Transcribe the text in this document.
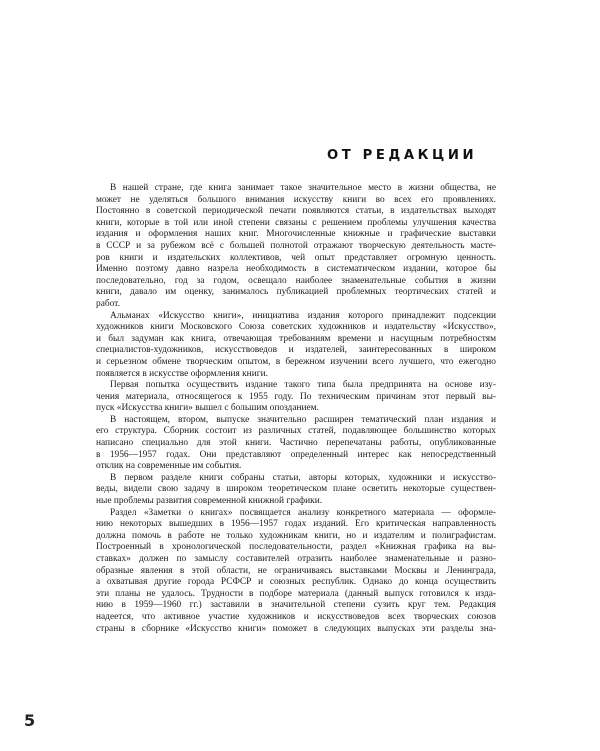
ОТ РЕДАКЦИИ
В нашей стране, где книга занимает такое значительное место в жизни общества, не
может не уделяться большого внимания искусству книги во всех его проявлениях.
Постоянно в советской периодической печати появляются статьи, в издательствах выходят
книги, которые в той или иной степени связаны с решением проблемы улучшения качества
издания и оформления наших книг. Многочисленные книжные и графические выставки
в СССР и за рубежом всё с большей полнотой отражают творческую деятельность масте-
ров книги и издательских коллективов, чей опыт представляет огромную ценность.
Именно поэтому давно назрела необходимость в систематическом издании, которое бы
последовательно, год за годом, освещало наиболее знаменательные события в жизни
книги, давало им оценку, занималось публикацией проблемных теортических статей и
работ.
Альманах «Искусство книги», инициатива издания которого принадлежит подсекции
художников книги Московского Союза советских художников и издательству «Искусство»,
и был задуман как книга, отвечающая требованиям времени и насущным потребностям
специалистов-художников, искусствоведов и издателей, заинтересованных в широком
и серьезном обмене творческим опытом, в бережном изучении всего лучшего, что ежегодно
появляется в искусстве оформления книги.
Первая попытка осуществить издание такого типа была предпринята на основе изу-
чения материала, относящегося к 1955 году. По техническим причинам этот первый вы-
пуск «Искусства книги» вышел с большим опозданием.
В настоящем, втором, выпуске значительно расширен тематический план издания и
его структура. Сборник состоит из различных статей, подавляющее большинство которых
написано специально для этой книги. Частично перепечатаны работы, опубликованные
в 1956—1957 годах. Они представляют определенный интерес как непосредственный
отклик на современные им события.
В первом разделе книги собраны статьи, авторы которых, художники и искусство-
веды, видели свою задачу в широком теоретическом плане осветить некоторые существен-
ные проблемы развития современной книжной графики.
Раздел «Заметки о книгах» посвящается анализу конкретного материала — оформле-
нию некоторых вышедших в 1956—1957 годах изданий. Его критическая направленность
должна помочь в работе не только художникам книги, но и издателям и полиграфистам.
Построенный в хронологической последовательности, раздел «Книжная графика на вы-
ставках» должен по замыслу составителей отразить наиболее знаменательные и разно-
образные явления в этой области, не ограничиваясь выставками Москвы и Ленинграда,
а охватывая другие города РСФСР и союзных республик. Однако до конца осуществить
эти планы не удалось. Трудности в подборе материала (данный выпуск готовился к изда-
нию в 1959—1960 гг.) заставили в значительной степени сузить круг тем. Редакция
надеется, что активное участие художников и искусствоведов всех творческих союзов
страны в сборнике «Искусство книги» поможет в следующих выпусках эти разделы зна-
5
